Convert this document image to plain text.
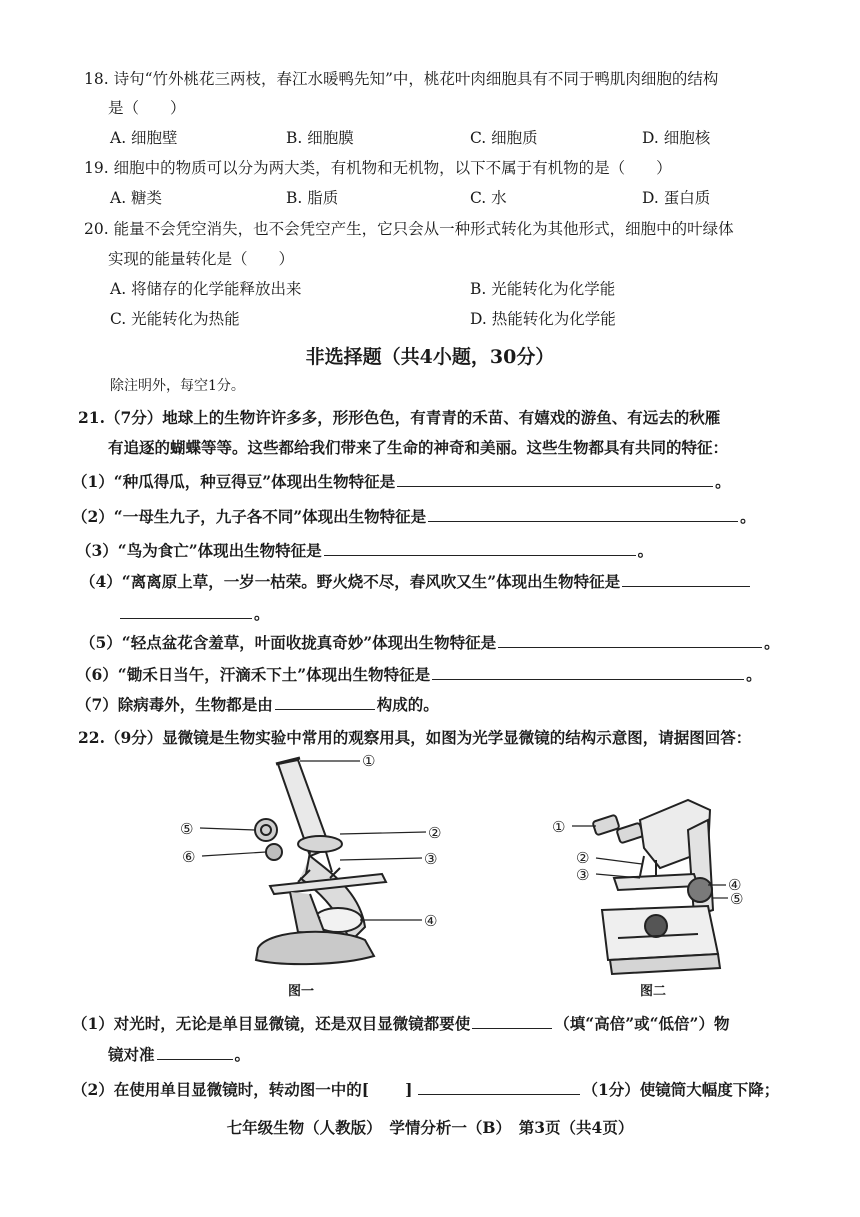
18. 诗句“竹外桃花三两枝，春江水暖鸭先知”中，桃花叶肉细胞具有不同于鸭肌肉细胞的结构
是（　　）
A. 细胞壁	B. 细胞膜	C. 细胞质	D. 细胞核
19. 细胞中的物质可以分为两大类，有机物和无机物，以下不属于有机物的是（　　）
A. 糖类	B. 脂质	C. 水	D. 蛋白质
20. 能量不会凭空消失，也不会凭空产生，它只会从一种形式转化为其他形式，细胞中的叶绿体
实现的能量转化是（　　）
A. 将储存的化学能释放出来	B. 光能转化为化学能
C. 光能转化为热能	D. 热能转化为化学能
非选择题（共4小题，30分）
除注明外，每空1分。
21.（7分）地球上的生物许许多多，形形色色，有青青的禾苗、有嬉戏的游鱼、有远去的秋雁
有追逐的蝴蝶等等。这些都给我们带来了生命的神奇和美丽。这些生物都具有共同的特征：
（1）“种瓜得瓜，种豆得豆”体现出生物特征是	。
（2）“一母生九子，九子各不同”体现出生物特征是	。
（3）“鸟为食亡”体现出生物特征是	。
（4）“离离原上草，一岁一枯荣。野火烧不尽，春风吹又生”体现出生物特征是
。
（5）“轻点盆花含羞草，叶面收拢真奇妙”体现出生物特征是	。
（6）“锄禾日当午，汗滴禾下土”体现出生物特征是	。
（7）除病毒外，生物都是由	构成的。
22.（9分）显微镜是生物实验中常用的观察用具，如图为光学显微镜的结构示意图，请据图回答：
①
②
③
④
⑤
⑥
图一
①
②
③
④
⑤
图二
（1）对光时，无论是单目显微镜，还是双目显微镜都要使	（填“高倍”或“低倍”）物
镜对准	。
（2）在使用单目显微镜时，转动图一中的[ ]	（1分）使镜筒大幅度下降；
七年级生物（人教版）　学情分析一（B）　第3页（共4页）
